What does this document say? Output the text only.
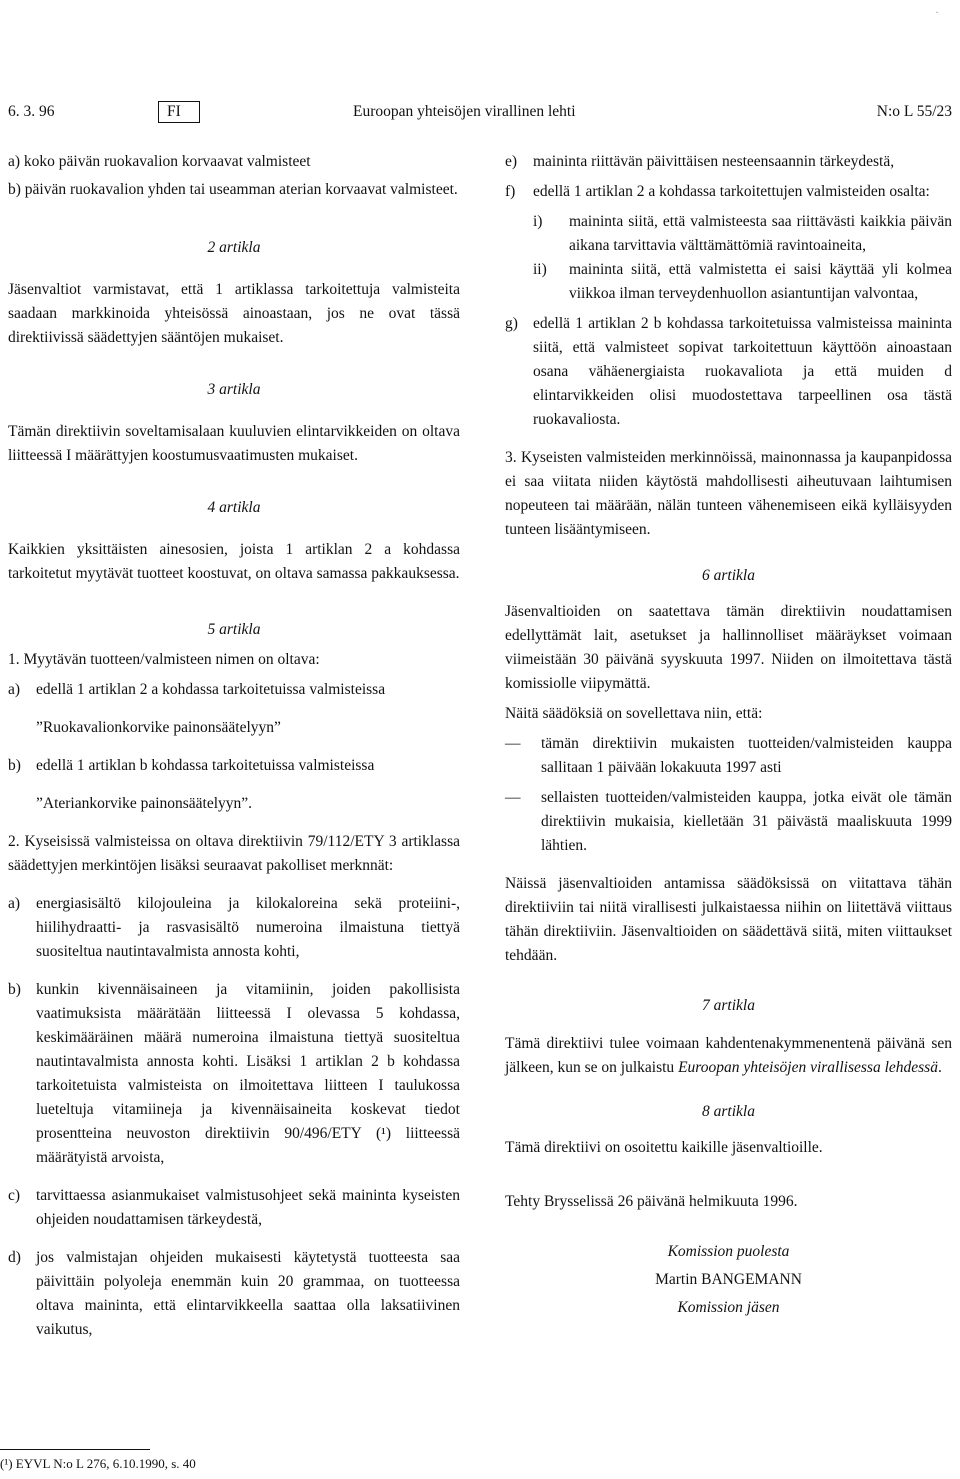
·
6. 3. 96	FI	Euroopan yhteisöjen virallinen lehti	N:o L 55/23

a) koko päivän ruokavalion korvaavat valmisteet

b) päivän ruokavalion yhden tai useamman aterian korvaavat valmisteet.

2 artikla

Jäsenvaltiot varmistavat, että 1 artiklassa tarkoitettuja valmisteita saadaan markkinoida yhteisössä ainoastaan, jos ne ovat tässä direktiivissä säädettyjen sääntöjen mukaiset.

3 artikla

Tämän direktiivin soveltamisalaan kuuluvien elintarvikkeiden on oltava liitteessä I määrättyjen koostumusvaatimusten mukaiset.

4 artikla

Kaikkien yksittäisten ainesosien, joista 1 artiklan 2 a kohdassa tarkoitetut myytävät tuotteet koostuvat, on oltava samassa pakkauksessa.

5 artikla

1. Myytävän tuotteen/valmisteen nimen on oltava:

a)	edellä 1 artiklan 2 a kohdassa tarkoitetuissa valmisteissa

”Ruokavalionkorvike painonsäätelyyn”

b) edellä 1 artiklan b kohdassa tarkoitetuissa valmisteissa

”Ateriankorvike painonsäätelyyn”.

2. Kyseisissä valmisteissa on oltava direktiivin 79/112/ETY 3 artiklassa säädettyjen merkintöjen lisäksi seuraavat pakolliset merknnät:

a)	energiasisältö kilojouleina ja kilokaloreina sekä proteiini-, hiilihydraatti- ja rasvasisältö numeroina ilmaistuna tiettyä suositeltua nautintavalmista annosta kohti,
b) kunkin kivennäisaineen ja vitamiinin, joiden pakollisista vaatimuksista määrätään liitteessä I olevassa 5 kohdassa, keskimääräinen määrä numeroina ilmaistuna tiettyä suositeltua nautintavalmista annosta kohti. Lisäksi 1 artiklan 2 b kohdassa tarkoitetuista valmisteista on ilmoitettava liitteen I taulukossa lueteltuja vitamiineja ja kivennäisaineita koskevat tiedot prosentteina neuvoston direktiivin 90/496/ETY (¹) liitteessä määrätyistä arvoista,
c)	tarvittaessa asianmukaiset valmistusohjeet sekä maininta kyseisten ohjeiden noudattamisen tärkeydestä,
d) jos valmistajan ohjeiden mukaisesti käytetystä tuotteesta saa päivittäin polyoleja enemmän kuin 20 grammaa, on tuotteessa oltava maininta, että elintarvikkeella saattaa olla laksatiivinen vaikutus,
e)	maininta riittävän päivittäisen nesteensaannin tärkeydestä,
f)	edellä 1 artiklan 2 a kohdassa tarkoitettujen valmisteiden osalta:
i)	maininta siitä, että valmisteesta saa riittävästi kaikkia päivän aikana tarvittavia välttämättömiä ravintoaineita,
ii)	maininta siitä, että valmistetta ei saisi käyttää yli kolmea viikkoa ilman terveydenhuollon asiantuntijan valvontaa,
g) edellä 1 artiklan 2 b kohdassa tarkoitetuissa valmisteissa maininta siitä, että valmisteet sopivat tarkoitettuun käyttöön ainoastaan osana vähäenergiaista ruokavaliota ja että muiden d elintarvikkeiden olisi muodostettava tarpeellinen osa tästä ruokavaliosta.

3. Kyseisten valmisteiden merkinnöissä, mainonnassa ja kaupanpidossa ei saa viitata niiden käytöstä mahdollisesti aiheutuvaan laihtumisen nopeuteen tai määrään, nälän tunteen vähenemiseen eikä kylläisyyden tunteen lisääntymiseen.

6 artikla

Jäsenvaltioiden on saatettava tämän direktiivin noudattamisen edellyttämät lait, asetukset ja hallinnolliset määräykset voimaan viimeistään 30 päivänä syyskuuta 1997. Niiden on ilmoitettava tästä komissiolle viipymättä.

Näitä säädöksiä on sovellettava niin, että:

—	tämän direktiivin mukaisten tuotteiden/valmisteiden kauppa sallitaan 1 päivään lokakuuta 1997 asti
—	sellaisten tuotteiden/valmisteiden kauppa, jotka eivät ole tämän direktiivin mukaisia, kielletään 31 päivästä maaliskuuta 1999 lähtien.

Näissä jäsenvaltioiden antamissa säädöksissä on viitattava tähän direktiiviin tai niitä virallisesti julkaistaessa niihin on liitettävä viittaus tähän direktiiviin. Jäsenvaltioiden on säädettävä siitä, miten viittaukset tehdään.

7 artikla

Tämä direktiivi tulee voimaan kahdentenakymmenentenä päivänä sen jälkeen, kun se on julkaistu Euroopan yhteisöjen virallisessa lehdessä.

8 artikla

Tämä direktiivi on osoitettu kaikille jäsenvaltioille.

Tehty Brysselissä 26 päivänä helmikuuta 1996.

Komission puolesta

Martin BANGEMANN

Komission jäsen

(¹) EYVL N:o L 276, 6.10.1990, s. 40
